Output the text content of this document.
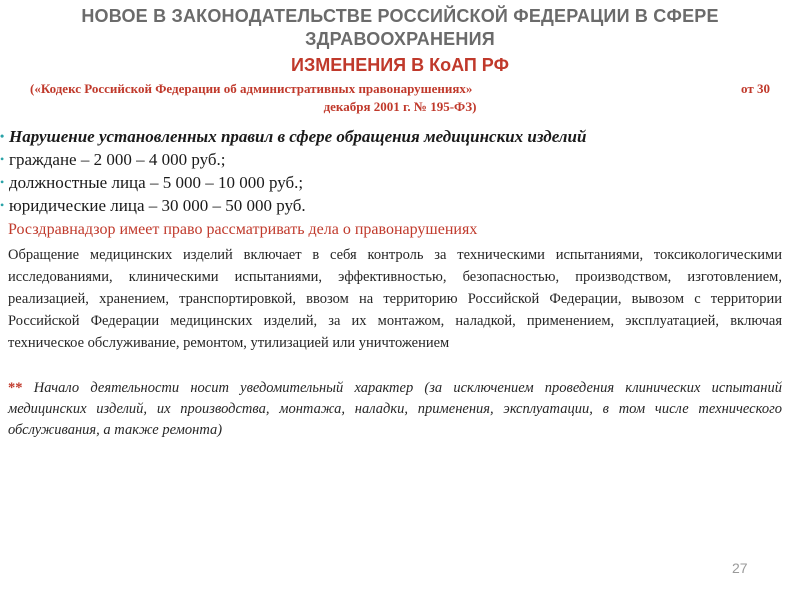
НОВОЕ В ЗАКОНОДАТЕЛЬСТВЕ РОССИЙСКОЙ ФЕДЕРАЦИИ В СФЕРЕ
ЗДРАВООХРАНЕНИЯ
ИЗМЕНЕНИЯ В КоАП РФ
(«Кодекс Российской Федерации об административных правонарушениях»	от 30
декабря 2001 г. № 195-ФЗ)
• Нарушение установленных правил в сфере обращения медицинских изделий
• граждане – 2 000 – 4 000 руб.;
• должностные лица – 5 000 – 10 000 руб.;
• юридические лица – 30 000 – 50 000 руб.
Росздравнадзор имеет право рассматривать дела о правонарушениях
Обращение медицинских изделий включает в себя контроль за техническими испытаниями, токсикологическими исследованиями, клиническими испытаниями, эффективностью, безопасностью, производством, изготовлением, реализацией, хранением, транспортировкой, ввозом на территорию Российской Федерации, вывозом с территории Российской Федерации медицинских изделий, за их монтажом, наладкой, применением, эксплуатацией, включая техническое обслуживание, ремонтом, утилизацией или уничтожением
** Начало деятельности носит уведомительный характер (за исключением проведения клинических испытаний медицинских изделий, их производства, монтажа, наладки, применения, эксплуатации, в том числе технического обслуживания, а также ремонта)
27
